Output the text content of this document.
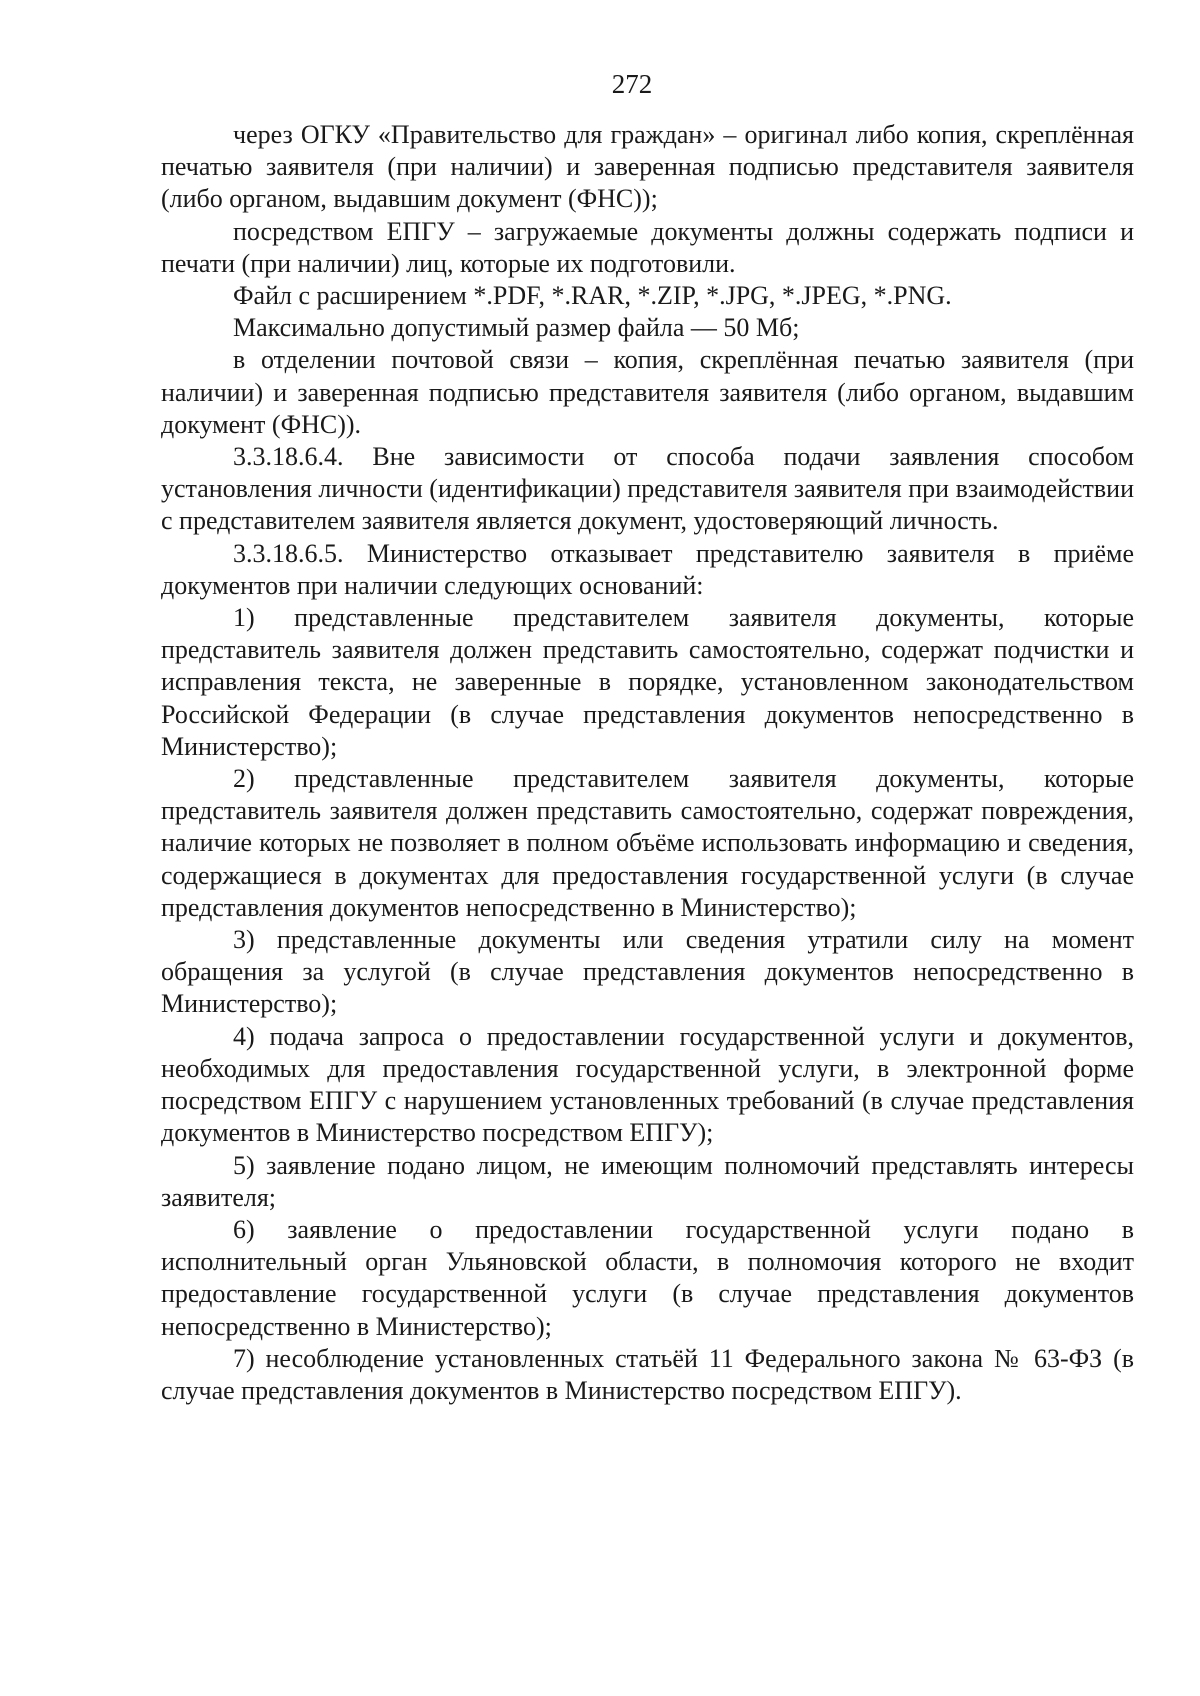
272

через ОГКУ «Правительство для граждан» – оригинал либо копия, скреплённая печатью заявителя (при наличии) и заверенная подписью представителя заявителя (либо органом, выдавшим документ (ФНС));

посредством ЕПГУ – загружаемые документы должны содержать подписи и печати (при наличии) лиц, которые их подготовили.

Файл с расширением *.PDF, *.RAR, *.ZIP, *.JPG, *.JPEG, *.PNG.

Максимально допустимый размер файла — 50 Мб;

в отделении почтовой связи – копия, скреплённая печатью заявителя (при наличии) и заверенная подписью представителя заявителя (либо органом, выдавшим документ (ФНС)).

3.3.18.6.4. Вне зависимости от способа подачи заявления способом установления личности (идентификации) представителя заявителя при взаимодействии с представителем заявителя является документ, удостоверяющий личность.

3.3.18.6.5. Министерство отказывает представителю заявителя в приёме документов при наличии следующих оснований:

1) представленные представителем заявителя документы, которые представитель заявителя должен представить самостоятельно, содержат подчистки и исправления текста, не заверенные в порядке, установленном законодательством Российской Федерации (в случае представления документов непосредственно в Министерство);

2) представленные представителем заявителя документы, которые представитель заявителя должен представить самостоятельно, содержат повреждения, наличие которых не позволяет в полном объёме использовать информацию и сведения, содержащиеся в документах для предоставления государственной услуги (в случае представления документов непосредственно в Министерство);

3) представленные документы или сведения утратили силу на момент обращения за услугой (в случае представления документов непосредственно в Министерство);

4) подача запроса о предоставлении государственной услуги и документов, необходимых для предоставления государственной услуги, в электронной форме посредством ЕПГУ с нарушением установленных требований (в случае представления документов в Министерство посредством ЕПГУ);

5) заявление подано лицом, не имеющим полномочий представлять интересы заявителя;

6) заявление о предоставлении государственной услуги подано в исполнительный орган Ульяновской области, в полномочия которого не входит предоставление государственной услуги (в случае представления документов непосредственно в Министерство);

7) несоблюдение установленных статьёй 11 Федерального закона № 63-ФЗ (в случае представления документов в Министерство посредством ЕПГУ).
